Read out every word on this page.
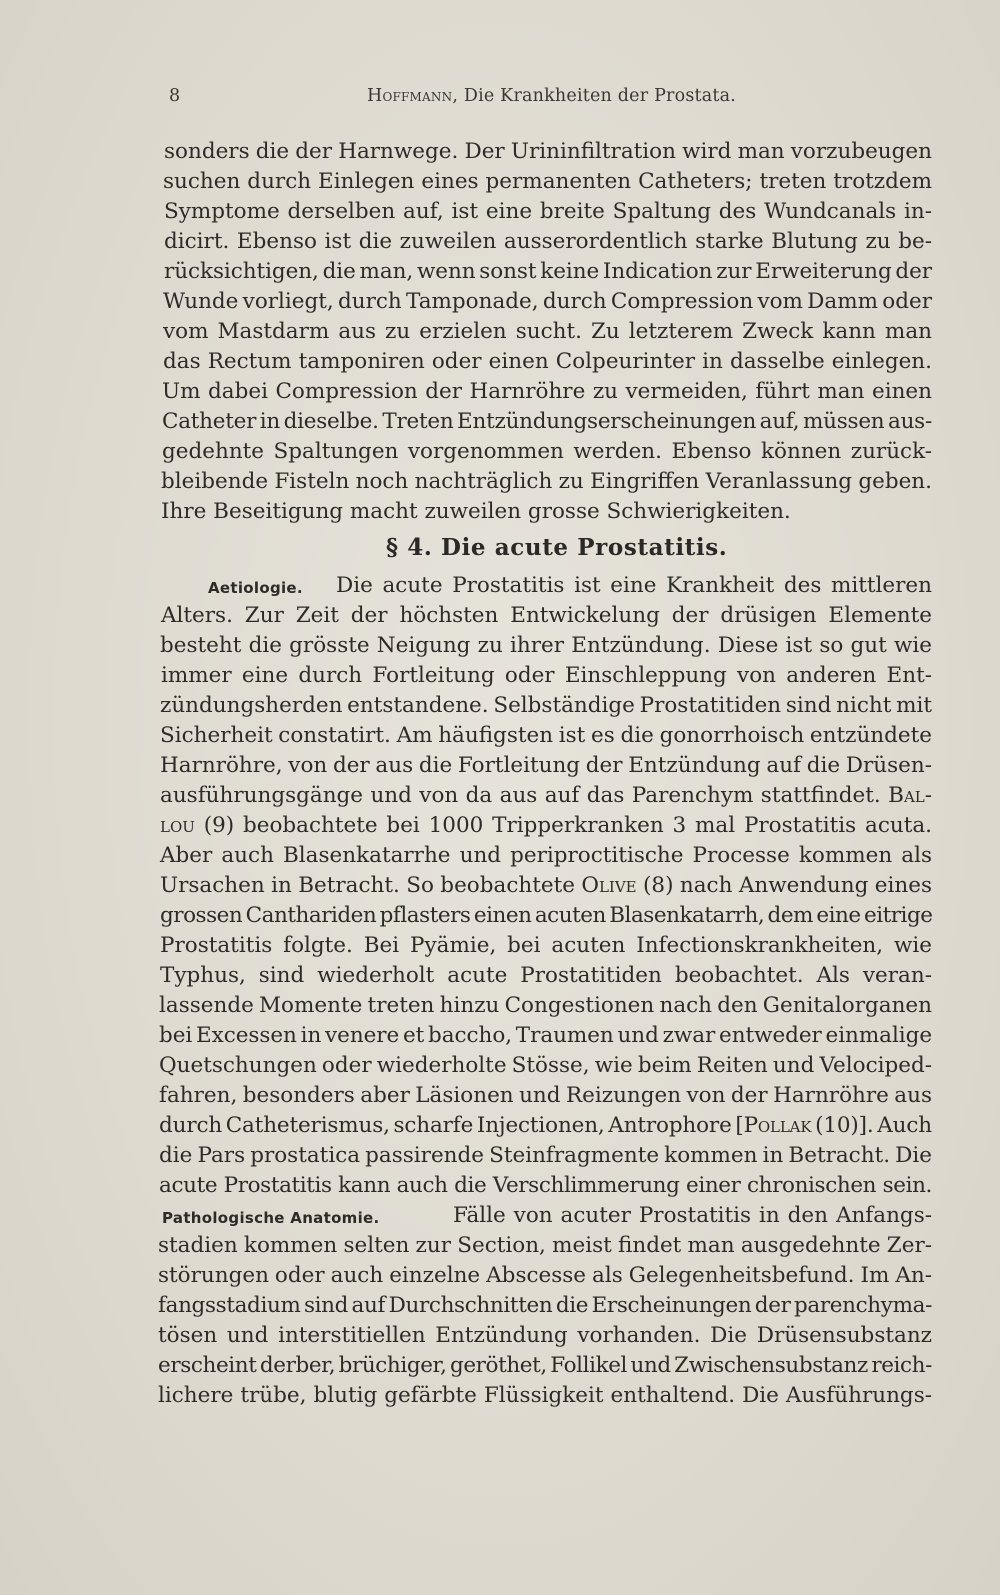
8	Hoffmann, Die Krankheiten der Prostata.
sonders die der Harnwege. Der Urininfiltration wird man vorzubeugen
suchen durch Einlegen eines permanenten Catheters; treten trotzdem
Symptome derselben auf, ist eine breite Spaltung des Wundcanals in-
dicirt. Ebenso ist die zuweilen ausserordentlich starke Blutung zu be-
rücksichtigen, die man, wenn sonst keine Indication zur Erweiterung der
Wunde vorliegt, durch Tamponade, durch Compression vom Damm oder
vom Mastdarm aus zu erzielen sucht. Zu letzterem Zweck kann man
das Rectum tamponiren oder einen Colpeurinter in dasselbe einlegen.
Um dabei Compression der Harnröhre zu vermeiden, führt man einen
Catheter in dieselbe. Treten Entzündungserscheinungen auf, müssen aus-
gedehnte Spaltungen vorgenommen werden. Ebenso können zurück-
bleibende Fisteln noch nachträglich zu Eingriffen Veranlassung geben.
Ihre Beseitigung macht zuweilen grosse Schwierigkeiten.
Aetiologie. Die acute Prostatitis ist eine Krankheit des mittleren
Alters. Zur Zeit der höchsten Entwickelung der drüsigen Elemente
besteht die grösste Neigung zu ihrer Entzündung. Diese ist so gut wie
immer eine durch Fortleitung oder Einschleppung von anderen Ent-
zündungsherden entstandene. Selbständige Prostatitiden sind nicht mit
Sicherheit constatirt. Am häufigsten ist es die gonorrhoisch entzündete
Harnröhre, von der aus die Fortleitung der Entzündung auf die Drüsen-
ausführungsgänge und von da aus auf das Parenchym stattfindet. Bal-
lou (9) beobachtete bei 1000 Tripperkranken 3 mal Prostatitis acuta.
Aber auch Blasenkatarrhe und periproctitische Processe kommen als
Ursachen in Betracht. So beobachtete Olive (8) nach Anwendung eines
grossen Canthariden pflasters einen acuten Blasenkatarrh, dem eine eitrige
Prostatitis folgte. Bei Pyämie, bei acuten Infectionskrankheiten, wie
Typhus, sind wiederholt acute Prostatitiden beobachtet. Als veran-
lassende Momente treten hinzu Congestionen nach den Genitalorganen
bei Excessen in venere et baccho, Traumen und zwar entweder einmalige
Quetschungen oder wiederholte Stösse, wie beim Reiten und Velociped-
fahren, besonders aber Läsionen und Reizungen von der Harnröhre aus
durch Catheterismus, scharfe Injectionen, Antrophore [Pollak (10)]. Auch
die Pars prostatica passirende Steinfragmente kommen in Betracht. Die
acute Prostatitis kann auch die Verschlimmerung einer chronischen sein.
Pathologische Anatomie.	Fälle von acuter Prostatitis in den Anfangs-
stadien kommen selten zur Section, meist findet man ausgedehnte Zer-
störungen oder auch einzelne Abscesse als Gelegenheitsbefund. Im An-
fangsstadium sind auf Durchschnitten die Erscheinungen der parenchyma-
tösen und interstitiellen Entzündung vorhanden. Die Drüsensubstanz
erscheint derber, brüchiger, geröthet, Follikel und Zwischensubstanz reich-
lichere trübe, blutig gefärbte Flüssigkeit enthaltend. Die Ausführungs-
§ 4. Die acute Prostatitis.
